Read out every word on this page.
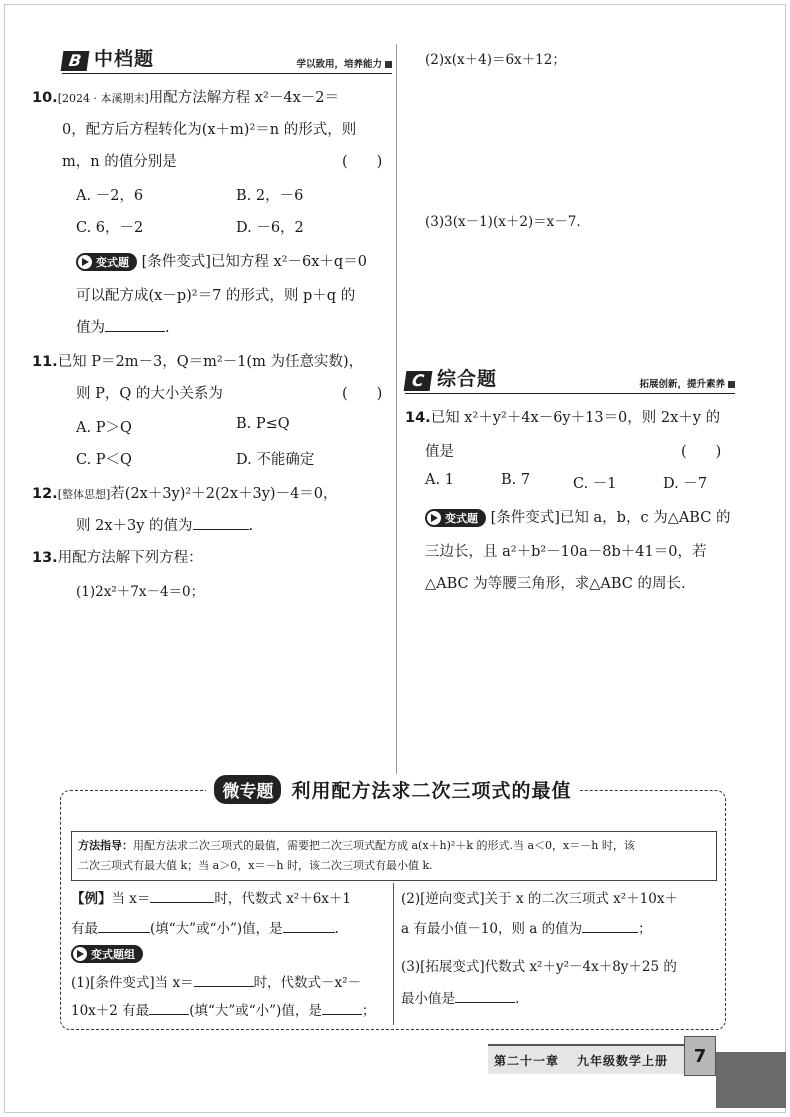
B 中档题	学以致用，培养能力
10.[2024 · 本溪期末]用配方法解方程 x²－4x－2＝
0，配方后方程转化为(x＋m)²＝n 的形式，则
m，n 的值分别是	(　　)
A. －2，6	B. 2，－6
C. 6，－2	D. －6，2
变式题 [条件变式]已知方程 x²－6x＋q＝0
可以配方成(x－p)²＝7 的形式，则 p＋q 的
值为	.
11.已知 P＝2m－3，Q＝m²－1(m 为任意实数)，
则 P，Q 的大小关系为	(　　)
A. P＞Q	B. P≤Q
C. P＜Q	D. 不能确定
12.[整体思想]若(2x＋3y)²＋2(2x＋3y)－4＝0，
则 2x＋3y 的值为	.
13.用配方法解下列方程：
(1)2x²＋7x－4＝0；
(2)x(x＋4)＝6x＋12；
(3)3(x－1)(x＋2)＝x－7.
C 综合题	拓展创新，提升素养
14.已知 x²＋y²＋4x－6y＋13＝0，则 2x＋y 的
值是	(　　)
A. 1	B. 7	C. －1	D. －7
变式题 [条件变式]已知 a，b，c 为△ABC 的
三边长，且 a²＋b²－10a－8b＋41＝0，若
△ABC 为等腰三角形，求△ABC 的周长.
微专题 利用配方法求二次三项式的最值
方法指导：用配方法求二次三项式的最值，需要把二次三项式配方成 a(x＋h)²＋k 的形式.当 a＜0，x＝－h 时，该
二次三项式有最大值 k；当 a＞0，x＝－h 时，该二次三项式有最小值 k.
【例】当 x＝	时，代数式 x²＋6x＋1
有最	(填“大”或“小”)值，是	.
变式题组
(1)[条件变式]当 x＝	时，代数式－x²－
10x＋2 有最	(填“大”或“小”)值，是	；
(2)[逆向变式]关于 x 的二次三项式 x²＋10x＋
a 有最小值－10，则 a 的值为	；
(3)[拓展变式]代数式 x²＋y²－4x＋8y＋25 的
最小值是	.
第二十一章 九年级数学上册	7
